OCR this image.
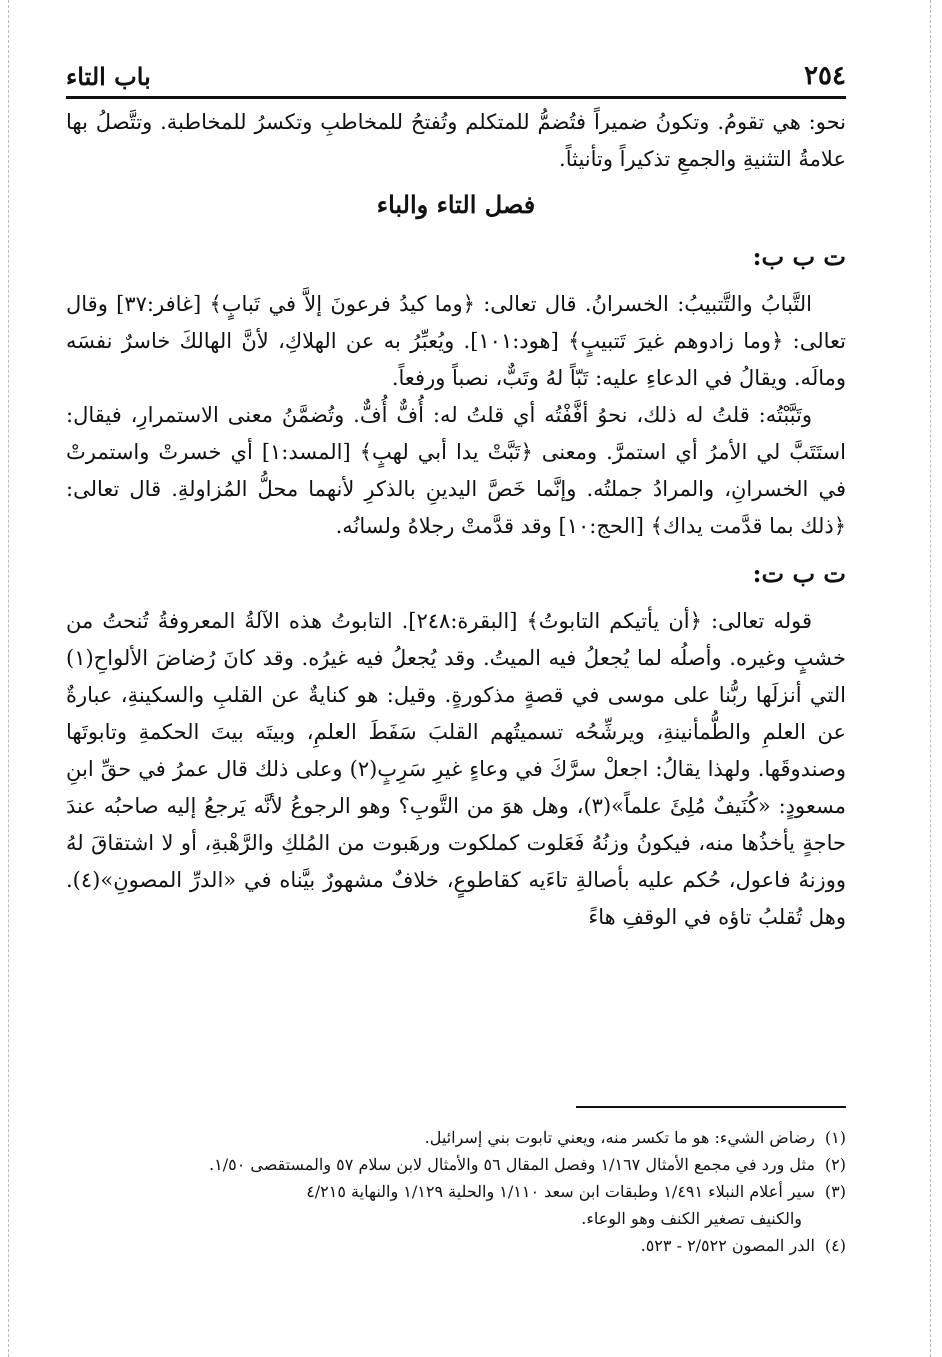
٢٥٤
باب التاء

نحو: هي تقومُ. وتكونُ ضميراً فتُضمُّ للمتكلم وتُفتحُ للمخاطبِ وتكسرُ للمخاطبة. وتتَّصلُ بها علامةُ التثنيةِ والجمعِ تذكيراً وتأنيثاً.

فصل التاء والباء
ت ب ب:

التَّبابُ والتَّتبيبُ: الخسرانُ. قال تعالى: ﴿وما كيدُ فرعونَ إلاَّ في تَبابٍ﴾ [غافر:٣٧] وقال تعالى: ﴿وما زادوهم غيرَ تَتبيبٍ﴾ [هود:١٠١]. ويُعبِّرُ به عن الهلاكِ، لأنَّ الهالكَ خاسرٌ نفسَه ومالَه. ويقالُ في الدعاءِ عليه: تَبّاً لهُ وتَبٌّ، نصباً ورفعاً.

وتَبَّبْتُه: قلتُ له ذلك، نحوُ أفَّفْتُه أي قلتُ له: أُفٌّ أُفٌّ. وتُضمَّنُ معنى الاستمرارِ، فيقال: استَتَبَّ لي الأمرُ أي استمرَّ. ومعنى ﴿تَبَّتْ يدا أبي لهبٍ﴾ [المسد:١] أي خسرتْ واستمرتْ في الخسرانِ، والمرادُ جملتُه. وإنَّما خَصَّ اليدينِ بالذكرِ لأنهما محلُّ المُزاولةِ. قال تعالى: ﴿ذلك بما قدَّمت يداك﴾ [الحج:١٠] وقد قدَّمتْ رجلاهُ ولسانُه.

ت ب ت:

قوله تعالى: ﴿أن يأتيكم التابوتُ﴾ [البقرة:٢٤٨]. التابوتُ هذه الآلةُ المعروفةُ تُنحتُ من خشبٍ وغيره. وأصلُه لما يُجعلُ فيه الميتُ. وقد يُجعلُ فيه غيرُه. وقد كانَ رُضاضَ الألواحِ(١) التي أنزلَها ربُّنا على موسى في قصةٍ مذكورةٍ. وقيل: هو كنايةٌ عن القلبِ والسكينةِ، عبارةٌ عن العلمِ والطُّمأنينةِ، ويرشِّحُه تسميتُهم القلبَ سَفَطَ العلمِ، وبيتَه بيتَ الحكمةِ وتابوتَها وصندوقَها. ولهذا يقالُ: اجعلْ سرَّكَ في وعاءٍ غيرِ سَرِبٍ(٢) وعلى ذلك قال عمرُ في حقِّ ابنِ مسعودٍ: «كُنَيفٌ مُلِئَ علماً»(٣)، وهل هوَ من التَّوبِ؟ وهو الرجوعُ لأنَّه يَرجعُ إليه صاحبُه عندَ حاجةٍ يأخذُها منه، فيكونُ وزنُهُ فَعَلوت كملكوت ورهَبوت من المُلكِ والرَّهْبةِ، أو لا اشتقاقَ لهُ ووزنهُ فاعول، حُكم عليه بأصالةِ تاءَيه كقاطوعٍ، خلافٌ مشهورٌ بيَّناه في «الدرِّ المصونِ»(٤). وهل تُقلبُ تاؤه في الوقفِ هاءً

(١)
رضاض الشيء: هو ما تكسر منه، ويعني تابوت بني إسرائيل.
(٢)
مثل ورد في مجمع الأمثال ١/١٦٧ وفصل المقال ٥٦ والأمثال لابن سلام ٥٧ والمستقصى ١/٥٠.
(٣)
سير أعلام النبلاء ١/٤٩١ وطبقات ابن سعد ١/١١٠ والحلية ١/١٢٩ والنهاية ٤/٢١٥
والكنيف تصغير الكنف وهو الوعاء.
(٤)
الدر المصون ٢/٥٢٢ - ٥٢٣.
